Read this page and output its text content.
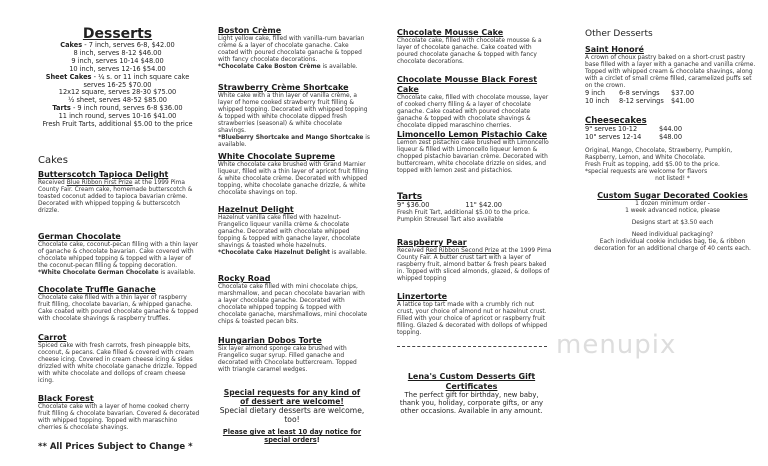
menupix
Desserts
Cakes - 7 inch, serves 6-8, $42.00
8 inch, serves 8-12 $46.00
9 inch, serves 10-14 $48.00
10 inch, serves 12-16 $54.00
Sheet Cakes - ¼ s. or 11 inch square cake
serves 16-25 $70.00
12x12 square, serves 28-30 $75.00
½ sheet, serves 48-52 $85.00
Tarts - 9 inch round, serves 6-8 $36.00
11 inch round, serves 10-16 $41.00
Fresh Fruit Tarts, additional $5.00 to the price
Cakes
Butterscotch Tapioca Delight
Received Blue Ribbon First Prize at the 1999 Pima County Fair. Cream cake, homemade butterscotch & toasted coconut added to tapioca bavarian crème. Decorated with whipped topping & butterscotch drizzle.
German Chocolate
Chocolate cake, coconut-pecan filling with a thin layer of ganache & chocolate bavarian. Cake covered with chocolate whipped topping & topped with a layer of the coconut-pecan filling & topping decoration.
*White Chocolate German Chocolate is available.
Chocolate Truffle Ganache
Chocolate cake filled with a thin layer of raspberry fruit filling, chocolate bavarian, & whipped ganache. Cake coated with poured chocolate ganache & topped with chocolate shavings & raspberry truffles.
Carrot
Spiced cake with fresh carrots, fresh pineapple bits, coconut, & pecans. Cake filled & covered with cream cheese icing. Covered in cream cheese icing & sides drizzled with white chocolate ganache drizzle. Topped with white chocolate and dollops of cream cheese icing.
Black Forest
Chocolate cake with a layer of home cooked cherry fruit filling & chocolate bavarian. Covered & decorated with whipped topping. Topped with maraschino cherries & chocolate shavings.
** All Prices Subject to Change *
Boston Crème
Light yellow cake, filled with vanilla-rum bavarian crème & a layer of chocolate ganache. Cake coated with poured chocolate ganache & topped with fancy chocolate decorations.
*Chocolate Cake Boston Crème is available.
Strawberry Crème Shortcake
White cake with a thin layer of vanilla crème, a layer of home cooked strawberry fruit filling & whipped topping. Decorated with whipped topping & topped with white chocolate dipped fresh strawberries (seasonal) & white chocolate shavings.
*Blueberry Shortcake and Mango Shortcake is available.
White Chocolate Supreme
White chocolate cake brushed with Grand Marnier liqueur, filled with a thin layer of apricot fruit filling & white chocolate crème. Decorated with whipped topping, white chocolate ganache drizzle, & white chocolate shavings on top.
Hazelnut Delight
Hazelnut vanilla cake filled with hazelnut-Frangelico liqueur vanilla crème & chocolate ganache. Decorated with chocolate whipped topping & topped with ganache layer, chocolate shavings & toasted whole hazelnuts.
*Chocolate Cake Hazelnut Delight is available.
Rocky Road
Chocolate cake filled with mini chocolate chips, marshmallow, and pecan chocolate bavarian with a layer chocolate ganache. Decorated with chocolate whipped topping & topped with chocolate ganache, marshmallows, mini chocolate chips & toasted pecan bits.
Hungarian Dobos Torte
Six layer almond sponge cake brushed with Frangelico sugar syrup. Filled ganache and decorated with Chocolate buttercream. Topped with triangle caramel wedges.
Special requests for any kind of
of dessert are welcome!
Special dietary desserts are welcome, too!
Please give at least 10 day notice for
special orders!
Chocolate Mousse Cake
Chocolate cake, filled with chocolate mousse & a layer of chocolate ganache. Cake coated with poured chocolate ganache & topped with fancy chocolate decorations.
Chocolate Mousse Black Forest Cake
Chocolate cake, filled with chocolate mousse, layer of cooked cherry filling & a layer of chocolate ganache. Cake coated with poured chocolate ganache & topped with chocolate shavings & chocolate dipped maraschino cherries.
Limoncello Lemon Pistachio Cake
Lemon zest pistachio cake brushed with Limoncello liqueur & filled with Limoncello liqueur lemon & chopped pistachio bavarian crème. Decorated with buttercream, white chocolate drizzle on sides, and topped with lemon zest and pistachios.
Tarts
9" $36.00	11" $42.00
Fresh Fruit Tart, additional $5.00 to the price.
Pumpkin Streusel Tart also available
Raspberry Pear
Received Red Ribbon Second Prize at the 1999 Pima County Fair. A butter crust tart with a layer of raspberry fruit, almond batter & fresh pears baked in. Topped with sliced almonds, glazed, & dollops of whipped topping
Linzertorte
A lattice top tart made with a crumbly rich nut crust, your choice of almond nut or hazelnut crust. Filled with your choice of apricot or raspberry fruit filling. Glazed & decorated with dollops of whipped topping.
Lena's Custom Desserts Gift
Certificates
The perfect gift for birthday, new baby, thank you, holiday, corporate gifts, or any other occasions. Available in any amount.
Other Desserts
Saint Honoré
A crown of choux pastry baked on a short-crust pastry base filled with a layer with a ganache and vanilla crème. Topped with whipped cream & chocolate shavings, along with a circlet of small crème filled, caramelized puffs set on the crown.
9 inch	6-8 servings	$37.00
10 inch	8-12 servings	$41.00
Cheesecakes
9" serves 10-12	$44.00
10" serves 12-14	$48.00
Original, Mango, Chocolate, Strawberry, Pumpkin, Raspberry, Lemon, and White Chocolate.
Fresh Fruit as topping, add $5.00 to the price.
*special requests are welcome for flavors
not listed! *
Custom Sugar Decorated Cookies
1 dozen minimum order -
1 week advanced notice, please
Designs start at $3.50 each
Need individual packaging?
Each individual cookie includes bag, tie, & ribbon decoration for an additional charge of 40 cents each.
